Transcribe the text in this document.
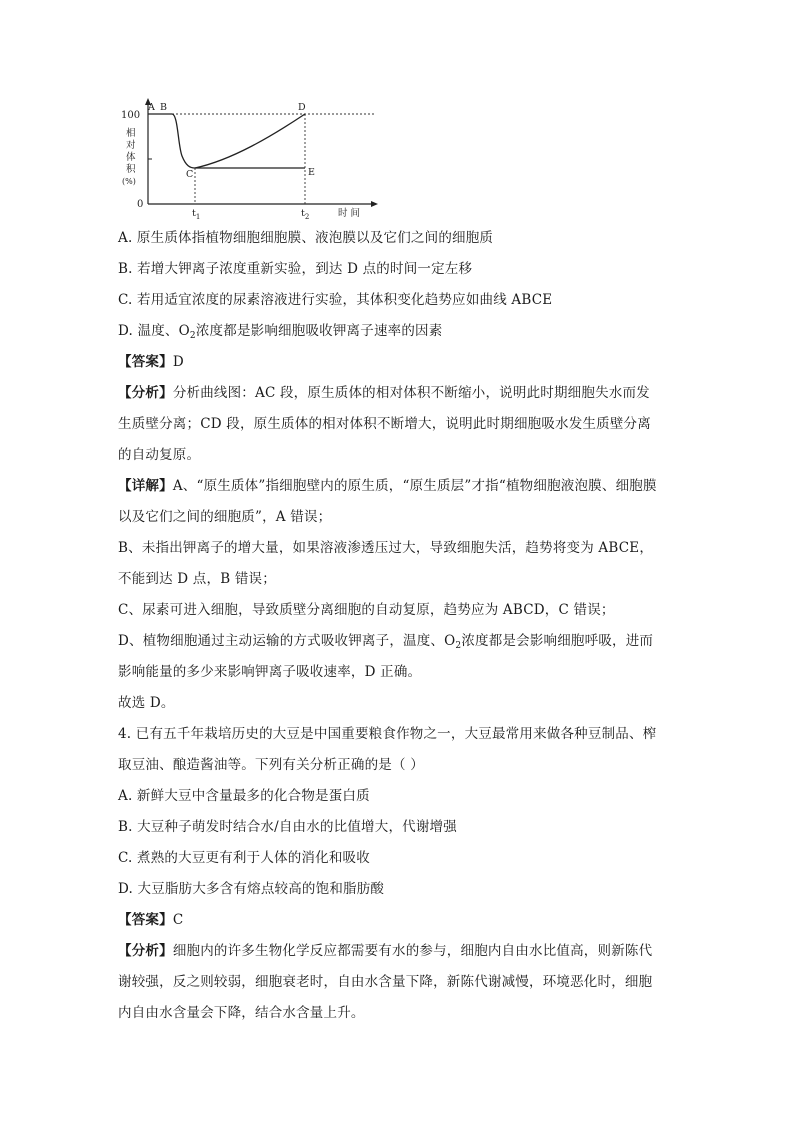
100
0
相
对
体
积
(%)
A B
C
D
E
$t_1$	$t_2$	时 间
A. 原生质体指植物细胞细胞膜、液泡膜以及它们之间的细胞质
B. 若增大钾离子浓度重新实验，到达 D 点的时间一定左移
C. 若用适宜浓度的尿素溶液进行实验，其体积变化趋势应如曲线 ABCE
D. 温度、$O_2$浓度都是影响细胞吸收钾离子速率的因素
【答案】D
【分析】分析曲线图：AC 段，原生质体的相对体积不断缩小，说明此时期细胞失水而发
生质壁分离；CD 段，原生质体的相对体积不断增大，说明此时期细胞吸水发生质壁分离
的自动复原。
【详解】A、“原生质体”指细胞壁内的原生质，“原生质层”才指“植物细胞液泡膜、细胞膜
以及它们之间的细胞质”，A 错误；
B、未指出钾离子的增大量，如果溶液渗透压过大，导致细胞失活，趋势将变为 ABCE，
不能到达 D 点，B 错误；
C、尿素可进入细胞，导致质壁分离细胞的自动复原，趋势应为 ABCD，C 错误；
D、植物细胞通过主动运输的方式吸收钾离子，温度、$O_2$浓度都是会影响细胞呼吸，进而
影响能量的多少来影响钾离子吸收速率，D 正确。
故选 D。
4. 已有五千年栽培历史的大豆是中国重要粮食作物之一，大豆最常用来做各种豆制品、榨
取豆油、酿造酱油等。下列有关分析正确的是（ ）
A. 新鲜大豆中含量最多的化合物是蛋白质
B. 大豆种子萌发时结合水/自由水的比值增大，代谢增强
C. 煮熟的大豆更有利于人体的消化和吸收
D. 大豆脂肪大多含有熔点较高的饱和脂肪酸
【答案】C
【分析】细胞内的许多生物化学反应都需要有水的参与，细胞内自由水比值高，则新陈代
谢较强，反之则较弱，细胞衰老时，自由水含量下降，新陈代谢减慢，环境恶化时，细胞
内自由水含量会下降，结合水含量上升。
